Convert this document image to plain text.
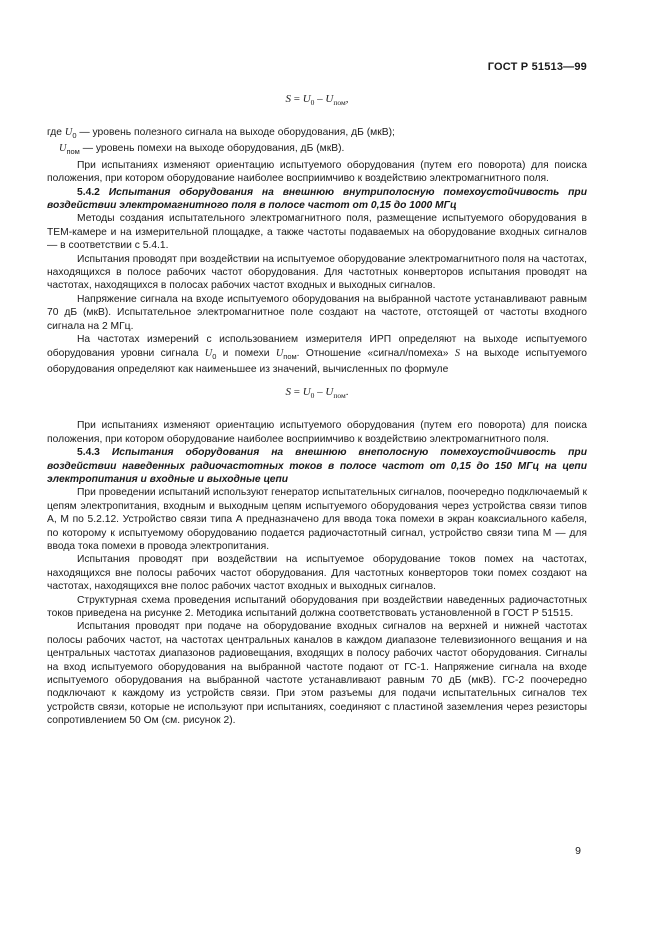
ГОСТ Р 51513—99

$S = U_0 - U_{пом}$,

где $U_0$ — уровень полезного сигнала на выходе оборудования, дБ (мкВ);

$U_{пом}$ — уровень помехи на выходе оборудования, дБ (мкВ).

При испытаниях изменяют ориентацию испытуемого оборудования (путем его поворота) для поиска положения, при котором оборудование наиболее восприимчиво к воздействию электромагнитного поля.

5.4.2 Испытания оборудования на внешнюю внутриполосную помехоустойчивость при воздействии электромагнитного поля в полосе частот от 0,15 до 1000 МГц

Методы создания испытательного электромагнитного поля, размещение испытуемого оборудования в ТЕМ-камере и на измерительной площадке, а также частоты подаваемых на оборудование входных сигналов — в соответствии с 5.4.1.

Испытания проводят при воздействии на испытуемое оборудование электромагнитного поля на частотах, находящихся в полосе рабочих частот оборудования. Для частотных конверторов испытания проводят на частотах, находящихся в полосах рабочих частот входных и выходных сигналов.

Напряжение сигнала на входе испытуемого оборудования на выбранной частоте устанавливают равным 70 дБ (мкВ). Испытательное электромагнитное поле создают на частоте, отстоящей от частоты входного сигнала на 2 МГц.

На частотах измерений с использованием измерителя ИРП определяют на выходе испытуемого оборудования уровни сигнала $U_0$ и помехи $U_{пом}$. Отношение «сигнал/помеха» S на выходе испытуемого оборудования определяют как наименьшее из значений, вычисленных по формуле

$S = U_0 - U_{пом}$.

При испытаниях изменяют ориентацию испытуемого оборудования (путем его поворота) для поиска положения, при котором оборудование наиболее восприимчиво к воздействию электромагнитного поля.

5.4.3 Испытания оборудования на внешнюю внеполосную помехоустойчивость при воздействии наведенных радиочастотных токов в полосе частот от 0,15 до 150 МГц на цепи электропитания и входные и выходные цепи

При проведении испытаний используют генератор испытательных сигналов, поочередно подключаемый к цепям электропитания, входным и выходным цепям испытуемого оборудования через устройства связи типов А, М по 5.2.12. Устройство связи типа А предназначено для ввода тока помехи в экран коаксиального кабеля, по которому к испытуемому оборудованию подается радиочастотный сигнал, устройство связи типа М — для ввода тока помехи в провода электропитания.

Испытания проводят при воздействии на испытуемое оборудование токов помех на частотах, находящихся вне полосы рабочих частот оборудования. Для частотных конверторов токи помех создают на частотах, находящихся вне полос рабочих частот входных и выходных сигналов.

Структурная схема проведения испытаний оборудования при воздействии наведенных радиочастотных токов приведена на рисунке 2. Методика испытаний должна соответствовать установленной в ГОСТ Р 51515.

Испытания проводят при подаче на оборудование входных сигналов на верхней и нижней частотах полосы рабочих частот, на частотах центральных каналов в каждом диапазоне телевизионного вещания и на центральных частотах диапазонов радиовещания, входящих в полосу рабочих частот оборудования. Сигналы на вход испытуемого оборудования на выбранной частоте подают от ГС-1. Напряжение сигнала на входе испытуемого оборудования на выбранной частоте устанавливают равным 70 дБ (мкВ). ГС-2 поочередно подключают к каждому из устройств связи. При этом разъемы для подачи испытательных сигналов тех устройств связи, которые не используют при испытаниях, соединяют с пластиной заземления через резисторы сопротивлением 50 Ом (см. рисунок 2).

9
